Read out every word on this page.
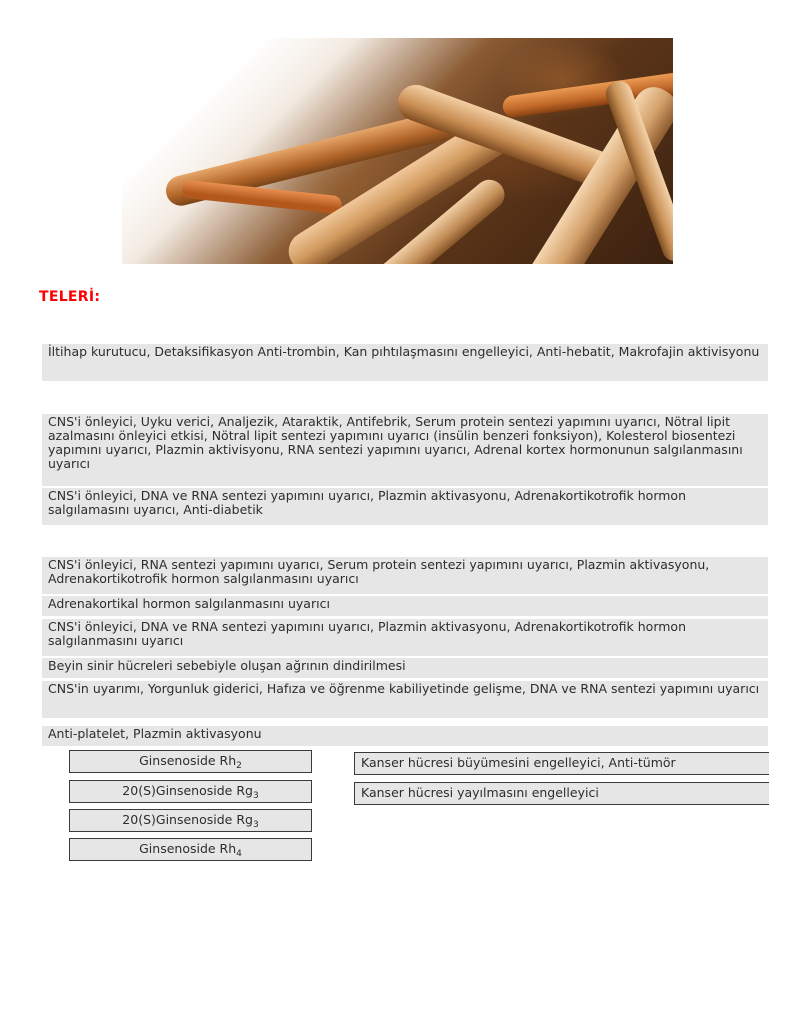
TELERİ:
İltihap kurutucu, Detaksifikasyon Anti-trombin, Kan pıhtılaşmasını engelleyici, Anti-hebatit, Makrofajin aktivisyonu
CNS'i önleyici, Uyku verici, Analjezik, Ataraktik, Antifebrik, Serum protein sentezi yapımını uyarıcı, Nötral lipit azalmasını önleyici etkisi, Nötral lipit sentezi yapımını uyarıcı (insülin benzeri fonksiyon), Kolesterol biosentezi yapımını uyarıcı, Plazmin aktivisyonu, RNA sentezi yapımını uyarıcı, Adrenal kortex hormonunun salgılanmasını uyarıcı
CNS'i önleyici, DNA ve RNA sentezi yapımını uyarıcı, Plazmin aktivasyonu, Adrenakortikotrofik hormon salgılamasını uyarıcı, Anti-diabetik
CNS'i önleyici, RNA sentezi yapımını uyarıcı, Serum protein sentezi yapımını uyarıcı, Plazmin aktivasyonu, Adrenakortikotrofik hormon salgılanmasını uyarıcı
Adrenakortikal hormon salgılanmasını uyarıcı
CNS'i önleyici, DNA ve RNA sentezi yapımını uyarıcı, Plazmin aktivasyonu, Adrenakortikotrofik hormon salgılanmasını uyarıcı
Beyin sinir hücreleri sebebiyle oluşan ağrının dindirilmesi
CNS'in uyarımı, Yorgunluk giderici, Hafıza ve öğrenme kabiliyetinde gelişme, DNA ve RNA sentezi yapımını uyarıcı
Anti-platelet, Plazmin aktivasyonu
Ginsenoside $Rh_2$
20(S)Ginsenoside $Rg_3$
20(S)Ginsenoside $Rg_3$
Ginsenoside $Rh_4$
Kanser hücresi büyümesini engelleyici, Anti-tümör
Kanser hücresi yayılmasını engelleyici
